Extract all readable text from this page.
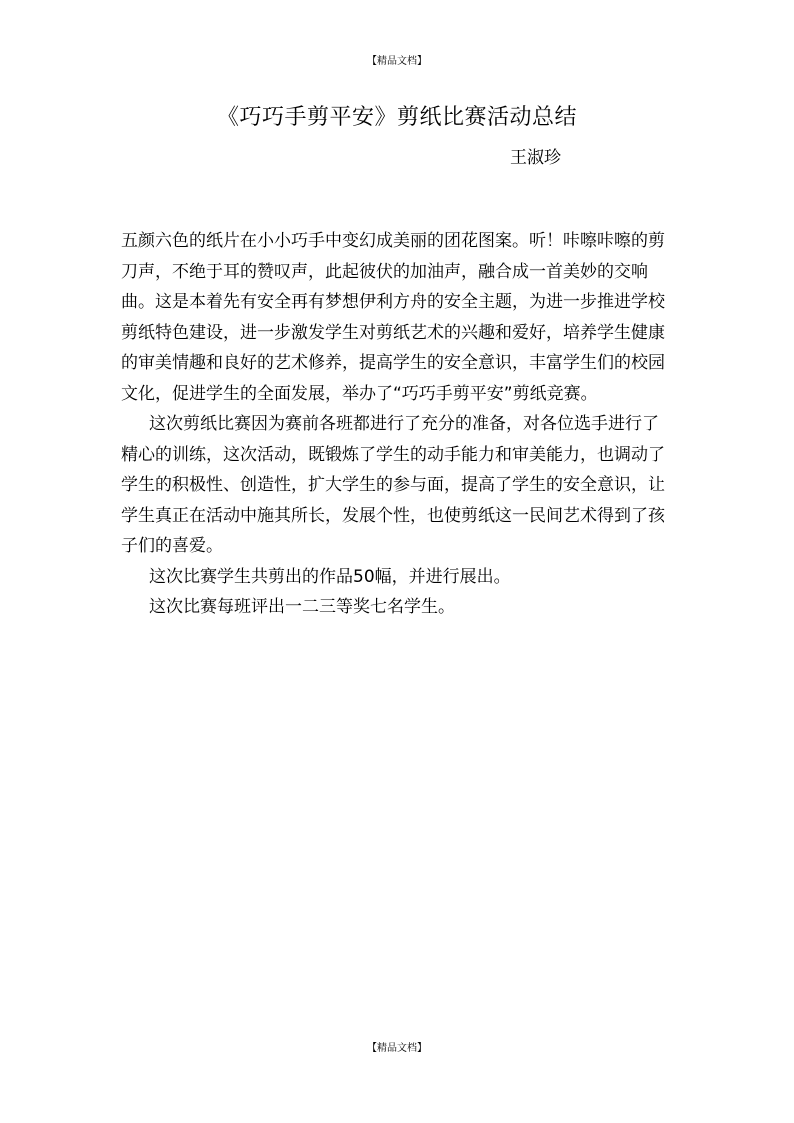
【精品文档】
《巧巧手剪平安》剪纸比赛活动总结
王淑珍

五颜六色的纸片在小小巧手中变幻成美丽的团花图案。听！咔嚓咔嚓的剪刀声，不绝于耳的赞叹声，此起彼伏的加油声，融合成一首美妙的交响曲。这是本着先有安全再有梦想伊利方舟的安全主题，为进一步推进学校剪纸特色建设，进一步激发学生对剪纸艺术的兴趣和爱好，培养学生健康的审美情趣和良好的艺术修养，提高学生的安全意识，丰富学生们的校园文化，促进学生的全面发展，举办了“巧巧手剪平安”剪纸竞赛。

这次剪纸比赛因为赛前各班都进行了充分的准备，对各位选手进行了精心的训练，这次活动，既锻炼了学生的动手能力和审美能力，也调动了学生的积极性、创造性，扩大学生的参与面，提高了学生的安全意识，让学生真正在活动中施其所长，发展个性，也使剪纸这一民间艺术得到了孩子们的喜爱。

这次比赛学生共剪出的作品50幅，并进行展出。

这次比赛每班评出一二三等奖七名学生。

【精品文档】
